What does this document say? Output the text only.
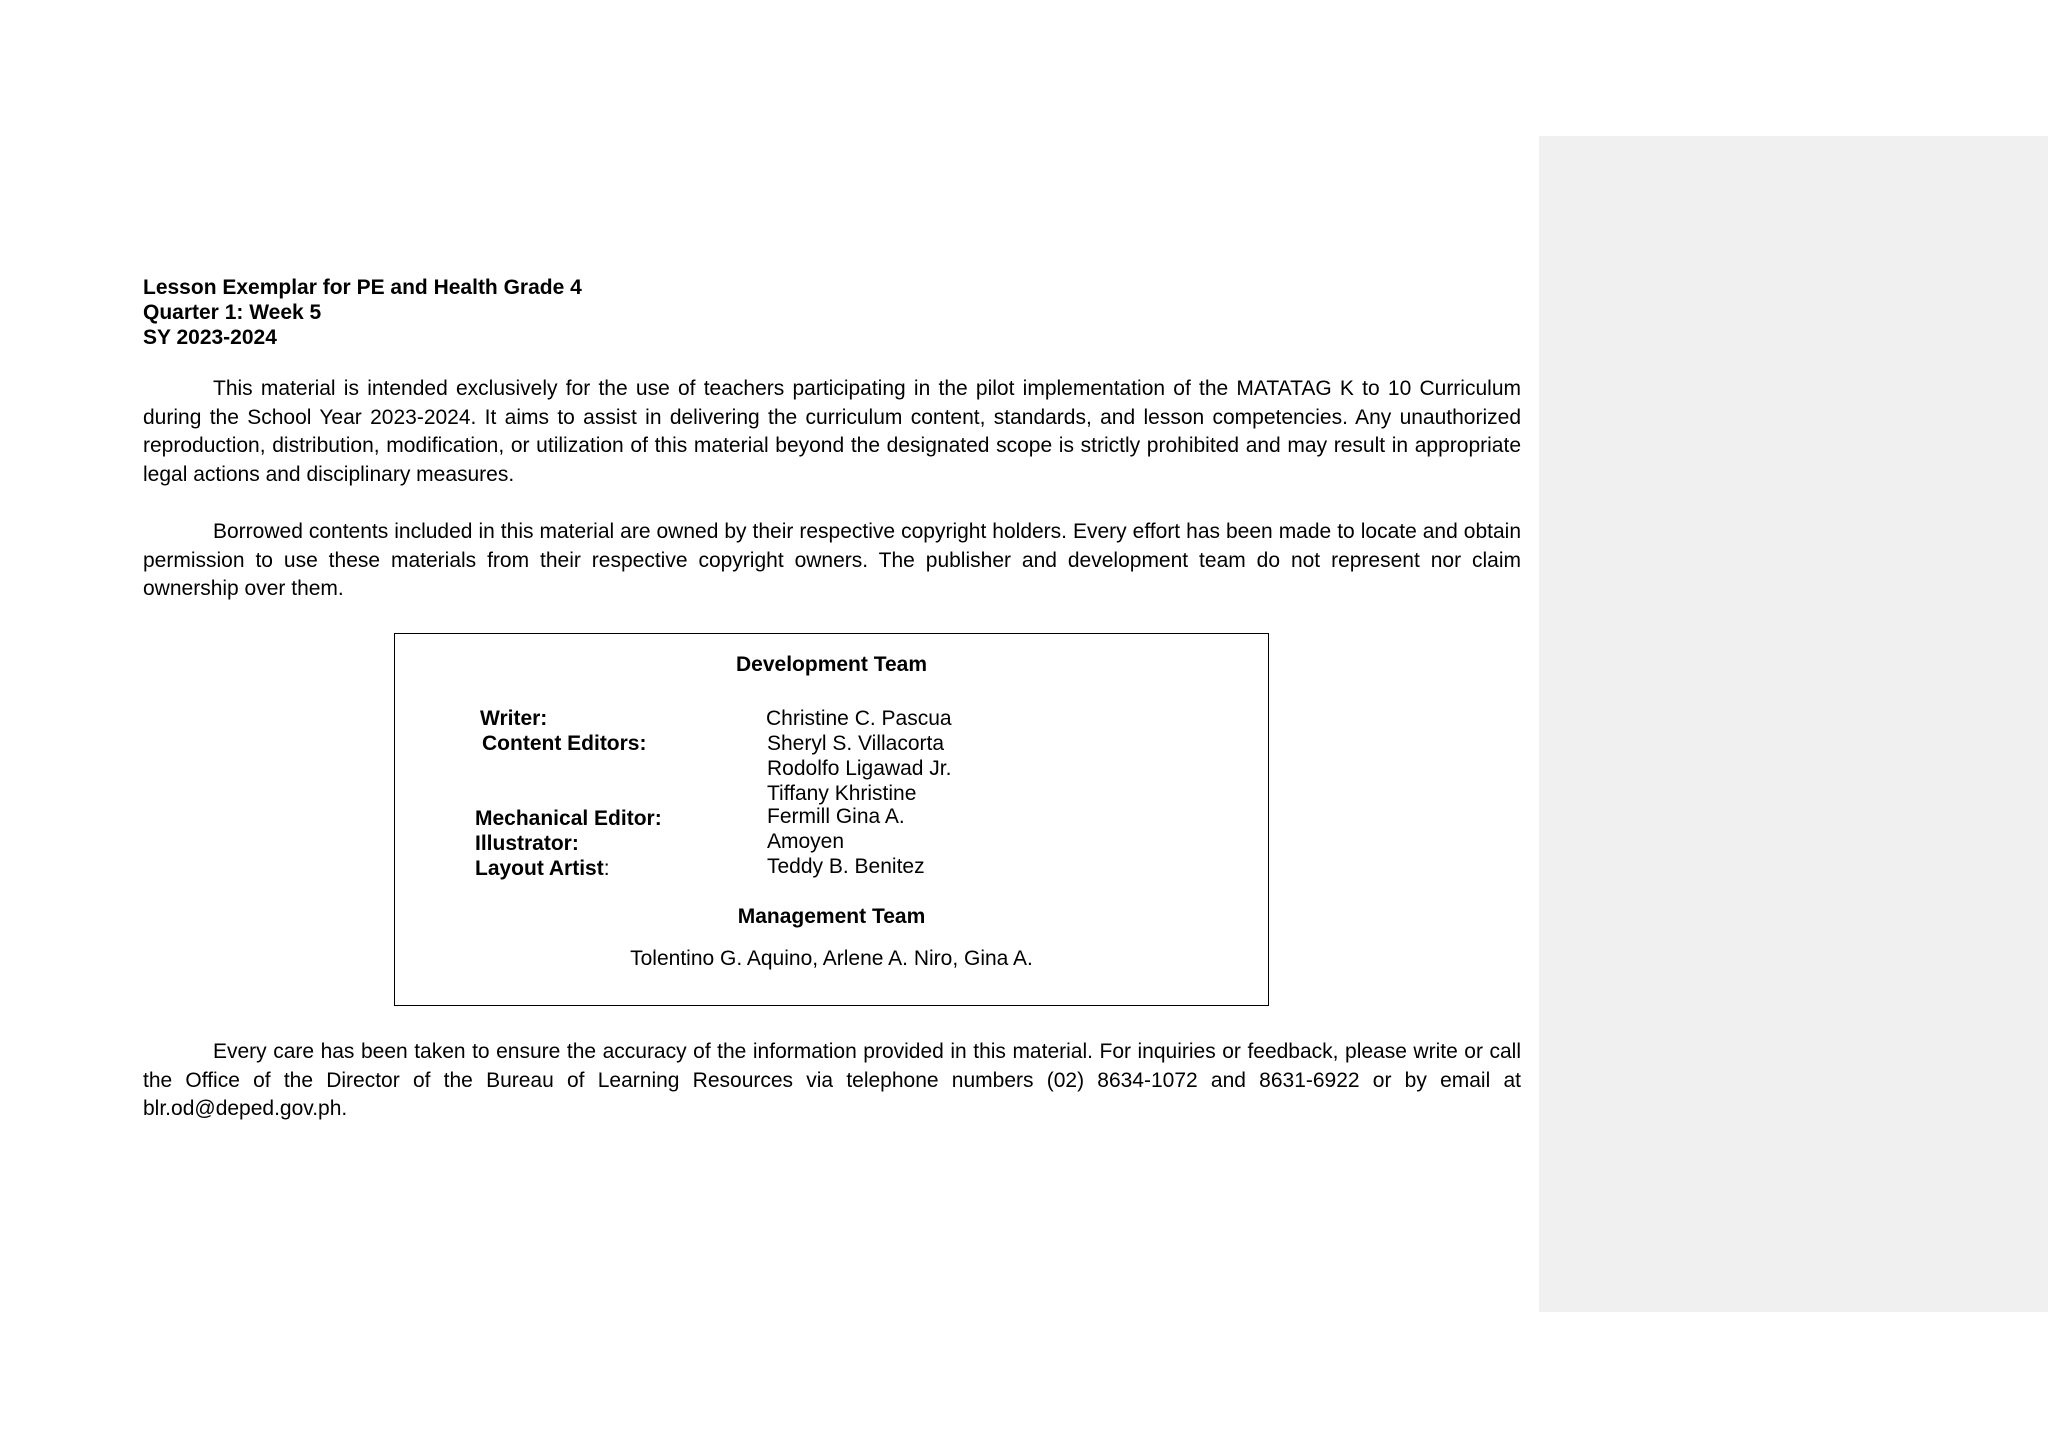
Lesson Exemplar for PE and Health Grade 4
Quarter 1: Week 5
SY 2023-2024

This material is intended exclusively for the use of teachers participating in the pilot implementation of the MATATAG K to 10 Curriculum during the School Year 2023-2024. It aims to assist in delivering the curriculum content, standards, and lesson competencies. Any unauthorized reproduction, distribution, modification, or utilization of this material beyond the designated scope is strictly prohibited and may result in appropriate legal actions and disciplinary measures.

Borrowed contents included in this material are owned by their respective copyright holders. Every effort has been made to locate and obtain permission to use these materials from their respective copyright owners. The publisher and development team do not represent nor claim ownership over them.

Development Team
Writer:	Christine C. Pascua
Content Editors:	Sheryl S. Villacorta
Rodolfo Ligawad Jr.
Tiffany Khristine
Mechanical Editor:	Fermill Gina A.
Illustrator:	Amoyen
Layout Artist:	Teddy B. Benitez
Management Team
Tolentino G. Aquino, Arlene A. Niro, Gina A.

Every care has been taken to ensure the accuracy of the information provided in this material. For inquiries or feedback, please write or call the Office of the Director of the Bureau of Learning Resources via telephone numbers (02) 8634-1072 and 8631-6922 or by email at blr.od@deped.gov.ph.
